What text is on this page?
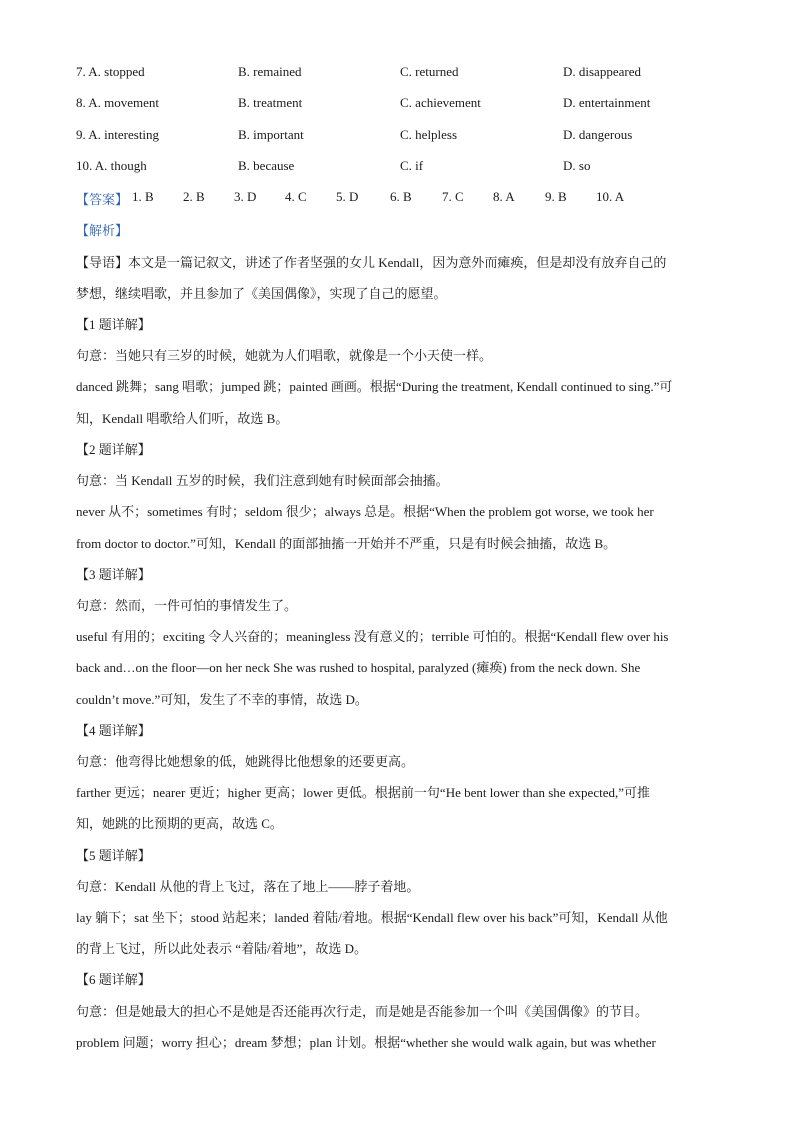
7. A. stopped	B. remained	C. returned	D. disappeared
8. A. movement	B. treatment	C. achievement	D. entertainment
9. A. interesting	B. important	C. helpless	D. dangerous
10. A. though	B. because	C. if	D. so
【答案】 1. B 2. B 3. D 4. C 5. D 6. B 7. C 8. A 9. B 10. A
【解析】
【导语】本文是一篇记叙文，讲述了作者坚强的女儿 Kendall，因为意外而瘫痪，但是却没有放弃自己的
梦想，继续唱歌，并且参加了《美国偶像》，实现了自己的愿望。
【1 题详解】
句意：当她只有三岁的时候，她就为人们唱歌，就像是一个小天使一样。
danced 跳舞；sang 唱歌；jumped 跳；painted 画画。根据“During the treatment, Kendall continued to sing.”可
知，Kendall 唱歌给人们听，故选 B。
【2 题详解】
句意：当 Kendall 五岁的时候，我们注意到她有时候面部会抽搐。
never 从不；sometimes 有时；seldom 很少；always 总是。根据“When the problem got worse, we took her
from doctor to doctor.”可知，Kendall 的面部抽搐一开始并不严重，只是有时候会抽搐，故选 B。
【3 题详解】
句意：然而，一件可怕的事情发生了。
useful 有用的；exciting 令人兴奋的；meaningless 没有意义的；terrible 可怕的。根据“Kendall flew over his
back and…on the floor—on her neck She was rushed to hospital, paralyzed (瘫痪) from the neck down. She
couldn’t move.”可知，发生了不幸的事情，故选 D。
【4 题详解】
句意：他弯得比她想象的低，她跳得比他想象的还要更高。
farther 更远；nearer 更近；higher 更高；lower 更低。根据前一句“He bent lower than she expected,”可推
知，她跳的比预期的更高，故选 C。
【5 题详解】
句意：Kendall 从他的背上飞过，落在了地上——脖子着地。
lay 躺下；sat 坐下；stood 站起来；landed 着陆/着地。根据“Kendall flew over his back”可知，Kendall 从他
的背上飞过，所以此处表示 “着陆/着地”，故选 D。
【6 题详解】
句意：但是她最大的担心不是她是否还能再次行走，而是她是否能参加一个叫《美国偶像》的节目。
problem 问题；worry 担心；dream 梦想；plan 计划。根据“whether she would walk again, but was whether
